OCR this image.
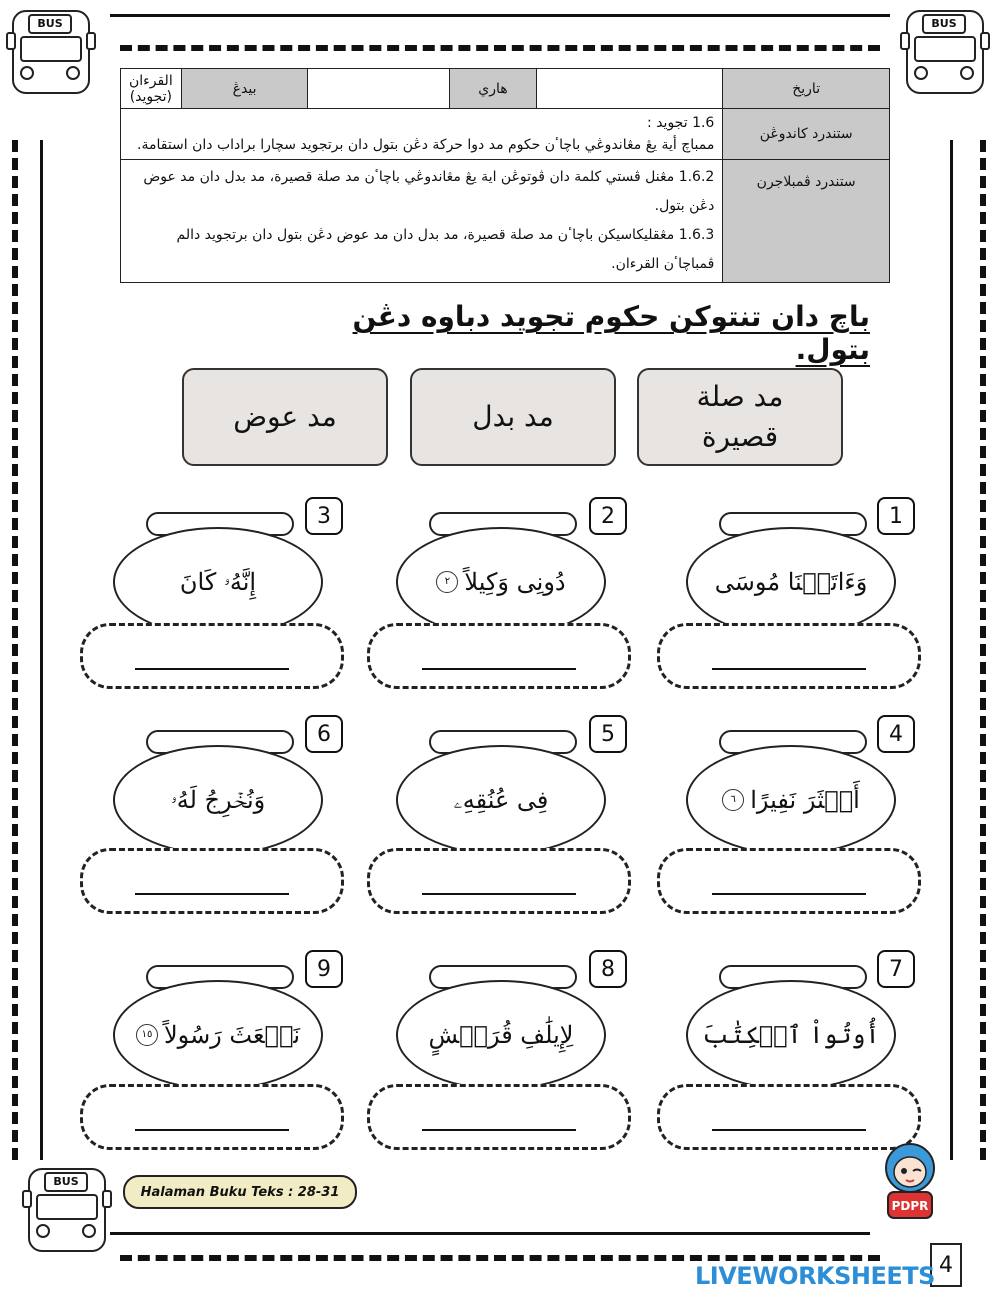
BUS	BUS
BUS
تاريخ		هاري		بيدڠ	القرءان (تجويد)
ستندرد كاندوڠن	1.6 تجويد :
ممباچ أية يڠ مڠاندوڠي باچاٴن حكوم مد دوا حركة دڠن بتول دان برتجويد سچارا براداب دان استقامة.				

ستندرد ڤمبلاجرن	1.6.2 مڠنل ڤستي كلمة دان ڤوتوڠن اية يڠ مڠاندوڠي باچاٴن مد صلة قصيرة، مد بدل دان مد عوض دڠن بتول.
1.6.3 مڠقليكاسيكن باچاٴن مد صلة قصيرة، مد بدل دان مد عوض دڠن بتول دان برتجويد دالم ڤمباچاٴن القرءان.				
باچ دان تنتوكن حكوم تجويد دباوه دڠن بتول.
مد صلة
قصيرة
مد بدل
مد عوض
1
وَءَاتَيۡنَا مُوسَى
2
دُونِى وَكِيلاً
٢
3
إِنَّهُۥ كَانَ
4
أَكۡثَرَ نَفِيرًا
٦
5
فِى عُنُقِهِۦ
6
وَنُخۡرِجُ لَهُۥ
7
أُوتُواْ ٱلۡكِتَٰبَ
8
لِإِيلَٰفِ قُرَيۡشٍ
9
نَبۡعَثَ رَسُولاً
١٥
Halaman Buku Teks : 28-31
PDPR
4
LIVEWORKSHEETS
